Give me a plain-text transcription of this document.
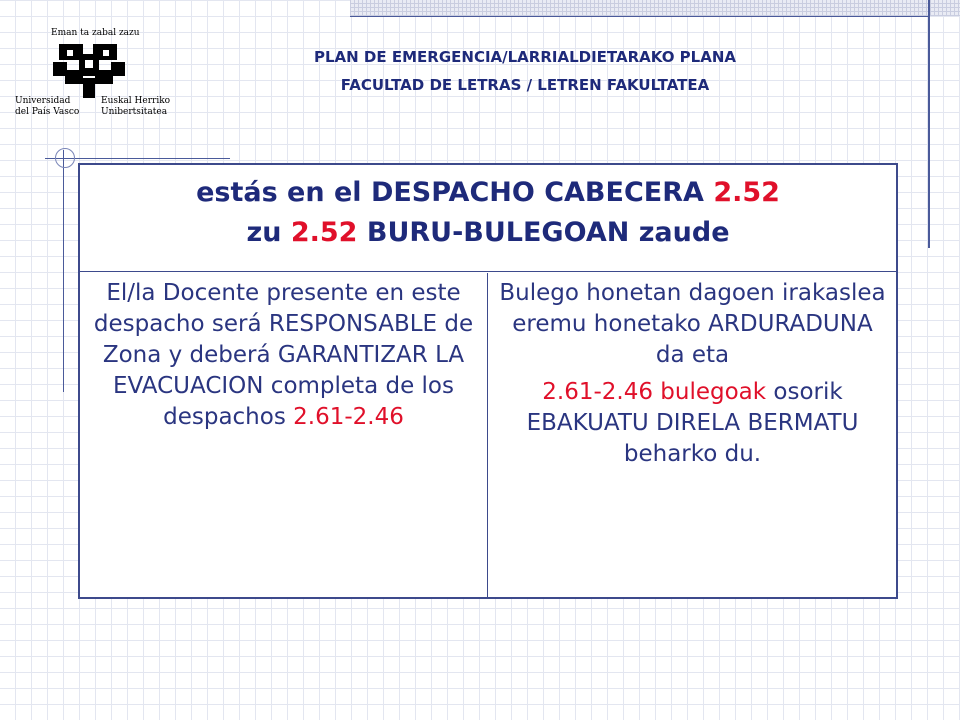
Eman ta zabal zazu
Universidad
del País Vasco
Euskal Herriko
Unibertsitatea
PLAN DE EMERGENCIA/LARRIALDIETARAKO PLANA
FACULTAD DE LETRAS / LETREN FAKULTATEA
estás en el DESPACHO CABECERA 2.52
zu 2.52 BURU-BULEGOAN zaude

El/la Docente presente en este despacho será RESPONSABLE de Zona y deberá GARANTIZAR LA EVACUACION completa de los despachos 2.61-2.46

Bulego honetan dagoen irakaslea eremu honetako ARDURADUNA da eta

2.61-2.46 bulegoak osorik EBAKUATU DIRELA BERMATU beharko du.
